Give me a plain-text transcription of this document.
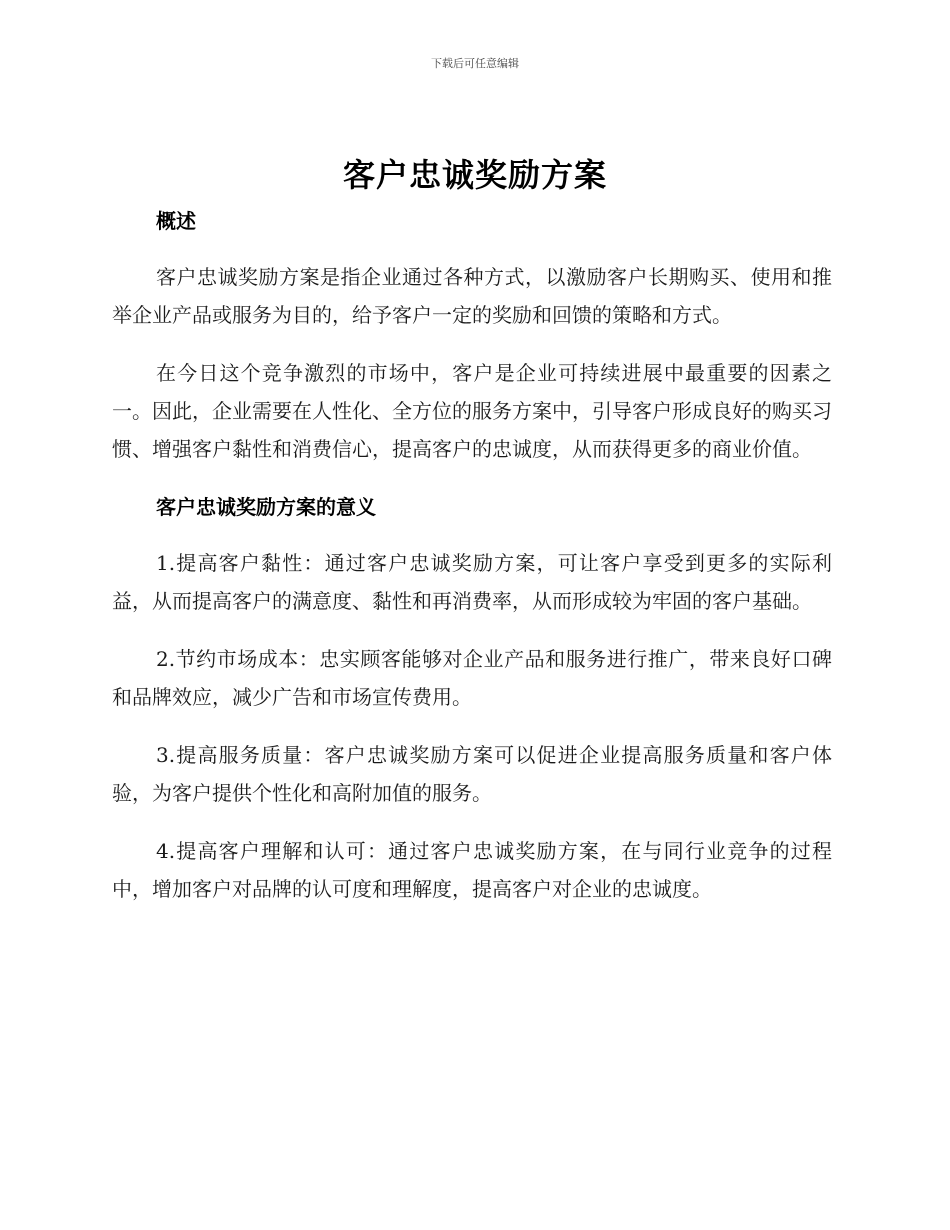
下载后可任意编辑
客户忠诚奖励方案
概述

客户忠诚奖励方案是指企业通过各种方式，以激励客户长期购买、使用和推举企业产品或服务为目的，给予客户一定的奖励和回馈的策略和方式。

在今日这个竞争激烈的市场中，客户是企业可持续进展中最重要的因素之一。因此，企业需要在人性化、全方位的服务方案中，引导客户形成良好的购买习惯、增强客户黏性和消费信心，提高客户的忠诚度，从而获得更多的商业价值。

客户忠诚奖励方案的意义

1.提高客户黏性：通过客户忠诚奖励方案，可让客户享受到更多的实际利益，从而提高客户的满意度、黏性和再消费率，从而形成较为牢固的客户基础。

2.节约市场成本：忠实顾客能够对企业产品和服务进行推广，带来良好口碑和品牌效应，减少广告和市场宣传费用。

3.提高服务质量：客户忠诚奖励方案可以促进企业提高服务质量和客户体验，为客户提供个性化和高附加值的服务。

4.提高客户理解和认可：通过客户忠诚奖励方案，在与同行业竞争的过程中，增加客户对品牌的认可度和理解度，提高客户对企业的忠诚度。
